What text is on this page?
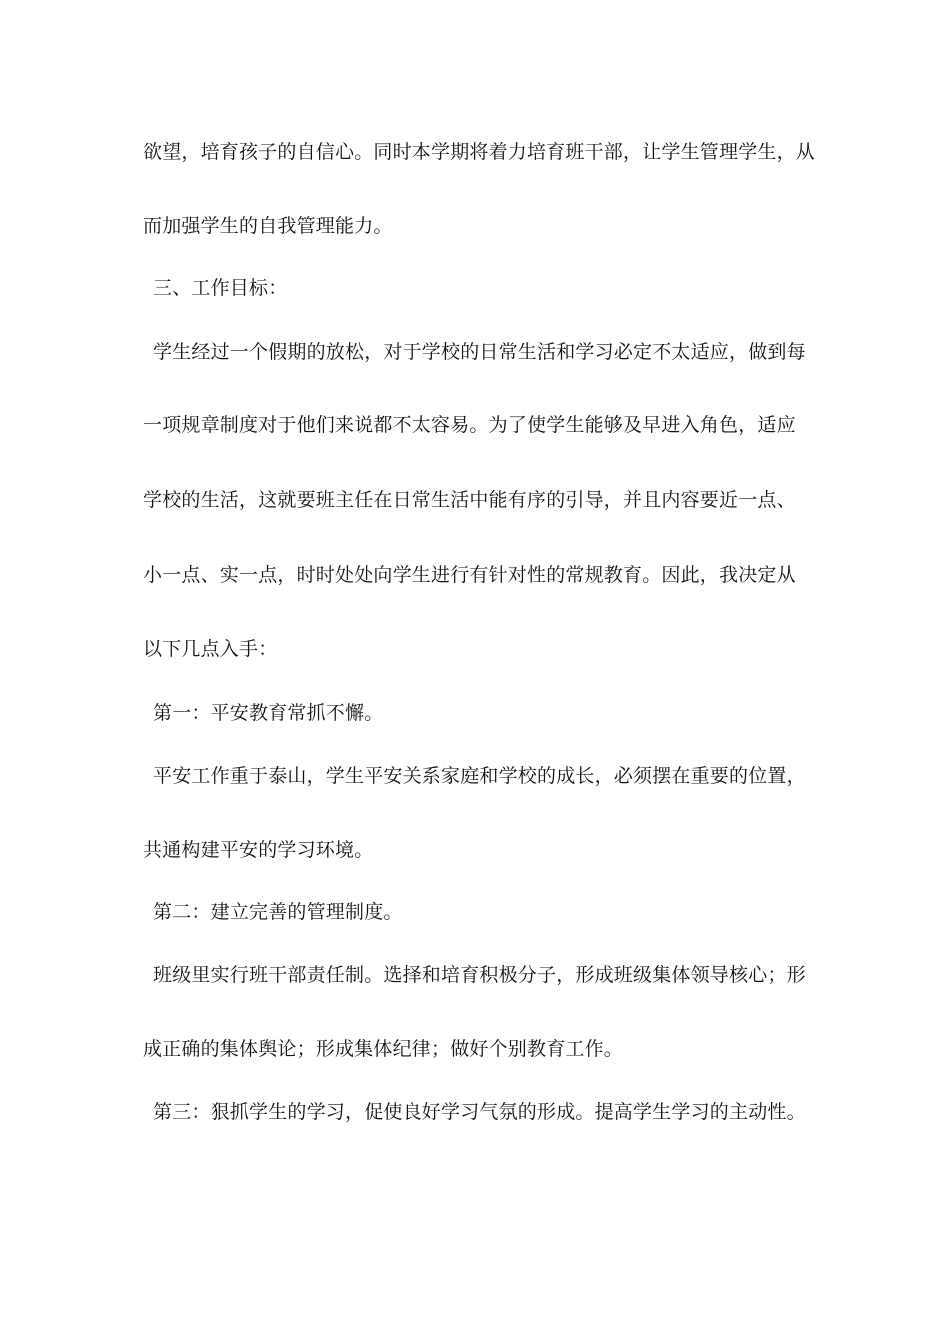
欲望，培育孩子的自信心。同时本学期将着力培育班干部，让学生管理学生，从
而加强学生的自我管理能力。
三、工作目标：
学生经过一个假期的放松，对于学校的日常生活和学习必定不太适应，做到每
一项规章制度对于他们来说都不太容易。为了使学生能够及早进入角色，适应
学校的生活，这就要班主任在日常生活中能有序的引导，并且内容要近一点、
小一点、实一点，时时处处向学生进行有针对性的常规教育。因此，我决定从
以下几点入手：
第一：平安教育常抓不懈。
平安工作重于泰山，学生平安关系家庭和学校的成长，必须摆在重要的位置，
共通构建平安的学习环境。
第二：建立完善的管理制度。
班级里实行班干部责任制。选择和培育积极分子，形成班级集体领导核心；形
成正确的集体舆论；形成集体纪律；做好个别教育工作。
第三：狠抓学生的学习，促使良好学习气氛的形成。提高学生学习的主动性。
